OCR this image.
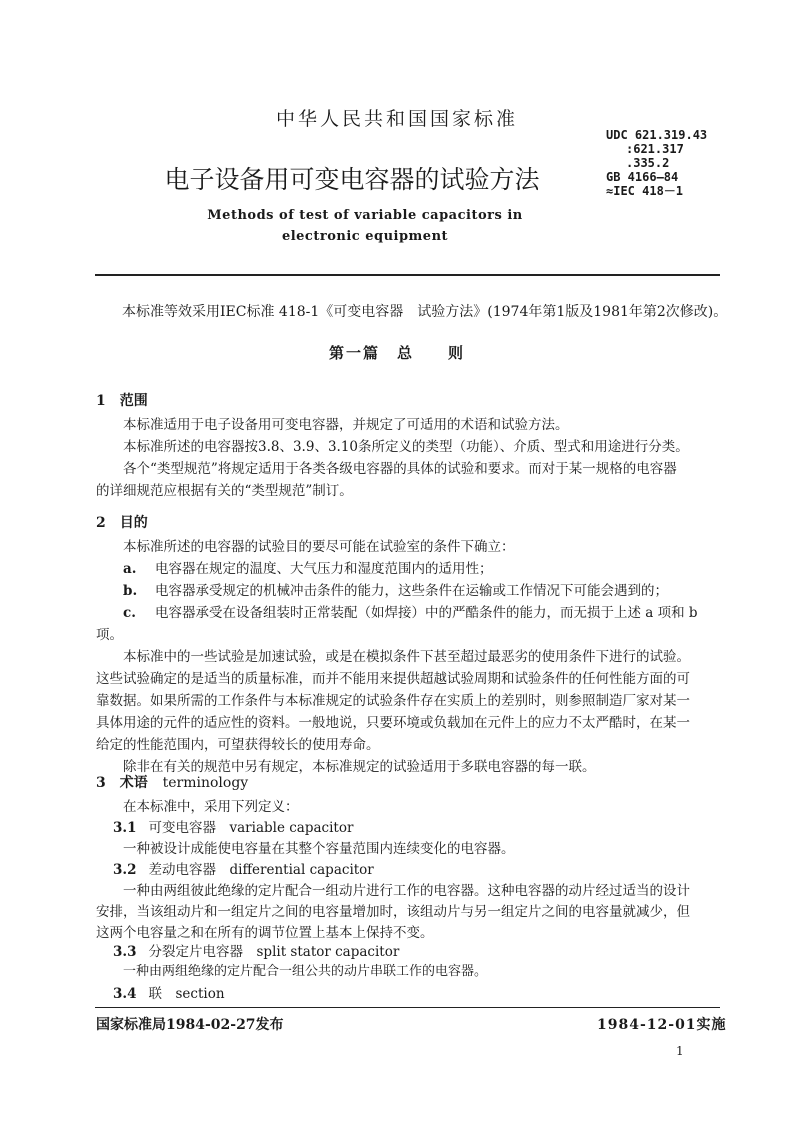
中华人民共和国国家标准
UDC 621.319.43
:621.317
.335.2
GB 4166—84
≈IEC 418－1
电子设备用可变电容器的试验方法
Methods of test of variable capacitors in
electronic equipment
本标准等效采用IEC标准 418-1《可变电容器　试验方法》(1974年第1版及1981年第2次修改)。
第一篇　总　　则
1　范围
本标准适用于电子设备用可变电容器，并规定了可适用的术语和试验方法。
本标准所述的电容器按3.8、3.9、3.10条所定义的类型（功能）、介质、型式和用途进行分类。
各个“类型规范”将规定适用于各类各级电容器的具体的试验和要求。而对于某一规格的电容器
的详细规范应根据有关的“类型规范”制订。
2　目的
本标准所述的电容器的试验目的要尽可能在试验室的条件下确立：
a. 电容器在规定的温度、大气压力和湿度范围内的适用性；
b. 电容器承受规定的机械冲击条件的能力，这些条件在运输或工作情况下可能会遇到的；
c. 电容器承受在设备组装时正常装配（如焊接）中的严酷条件的能力，而无损于上述 a 项和 b
项。
本标准中的一些试验是加速试验，或是在模拟条件下甚至超过最恶劣的使用条件下进行的试验。
这些试验确定的是适当的质量标准，而并不能用来提供超越试验周期和试验条件的任何性能方面的可
靠数据。如果所需的工作条件与本标准规定的试验条件存在实质上的差别时，则参照制造厂家对某一
具体用途的元件的适应性的资料。一般地说，只要环境或负载加在元件上的应力不太严酷时，在某一
给定的性能范围内，可望获得较长的使用寿命。
除非在有关的规范中另有规定，本标准规定的试验适用于多联电容器的每一联。
3　术语 terminology
在本标准中，采用下列定义：
3.1 可变电容器　variable capacitor
一种被设计成能使电容量在其整个容量范围内连续变化的电容器。
3.2 差动电容器　differential capacitor
一种由两组彼此绝缘的定片配合一组动片进行工作的电容器。这种电容器的动片经过适当的设计
安排，当该组动片和一组定片之间的电容量增加时，该组动片与另一组定片之间的电容量就减少，但
这两个电容量之和在所有的调节位置上基本上保持不变。
3.3 分裂定片电容器　split stator capacitor
国家标准局1984-02-27发布	1984-12-01实施
1
一种由两组绝缘的定片配合一组公共的动片串联工作的电容器。
3.4 联　section
